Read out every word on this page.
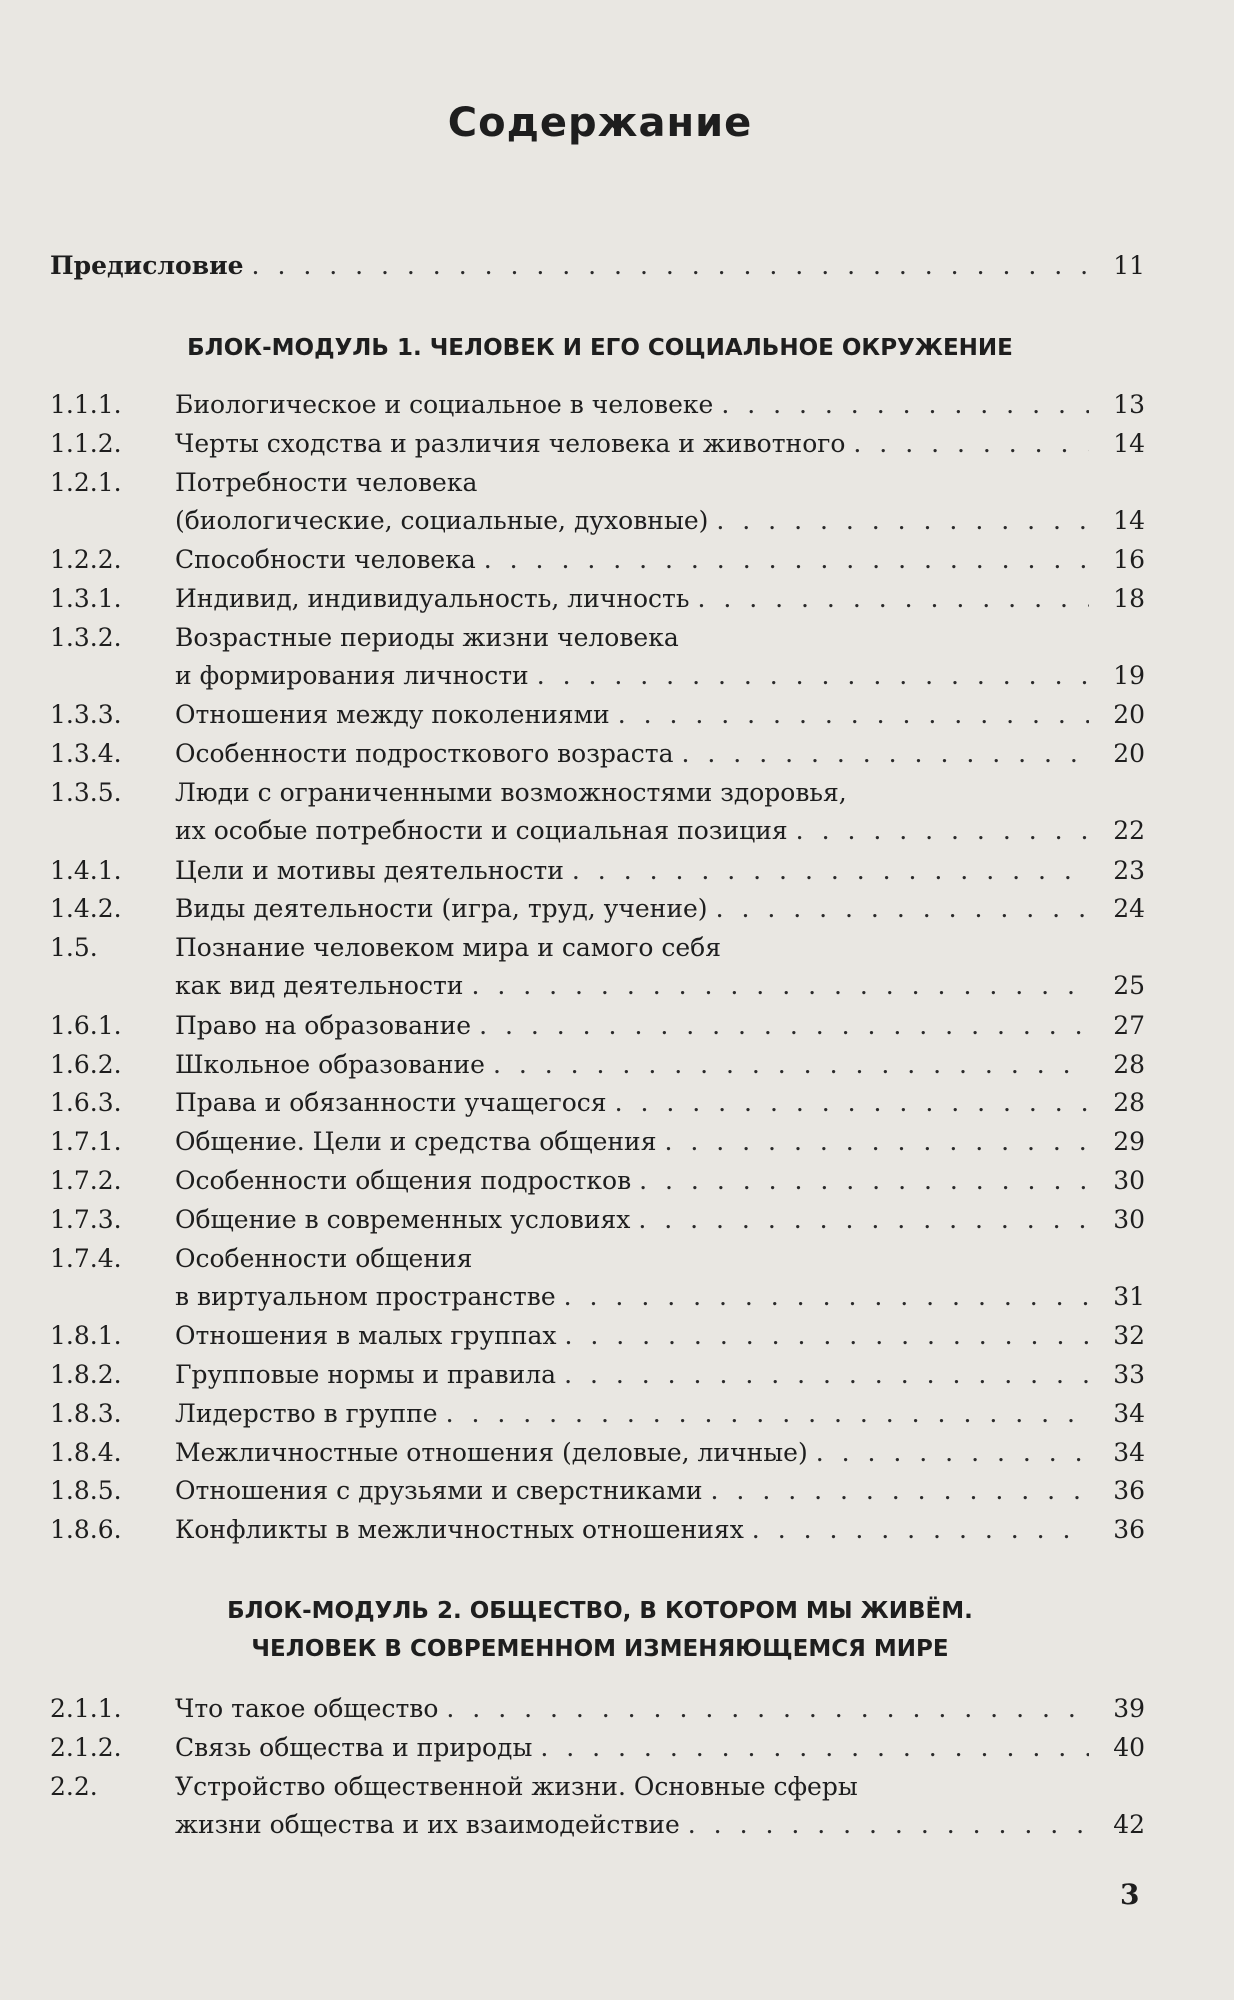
Содержание
Предисловие . . .	11
БЛОК-МОДУЛЬ 1. ЧЕЛОВЕК И ЕГО СОЦИАЛЬНОЕ ОКРУЖЕНИЕ
1.1.1.	Биологическое и социальное в человеке . . .	13
1.1.2.	Черты сходства и различия человека и животного . . .	14
1.2.1.	Потребности человека
(биологические, социальные, духовные) . . .	14
1.2.2.	Способности человека . . .	16
1.3.1.	Индивид, индивидуальность, личность . . .	18
1.3.2.	Возрастные периоды жизни человека
и формирования личности . . .	19
1.3.3.	Отношения между поколениями . . .	20
1.3.4.	Особенности подросткового возраста . . .	20
1.3.5.	Люди с ограниченными возможностями здоровья,
их особые потребности и социальная позиция . . .	22
1.4.1.	Цели и мотивы деятельности . . .	23
1.4.2.	Виды деятельности (игра, труд, учение) . . .	24
1.5.	Познание человеком мира и самого себя
как вид деятельности . . .	25
1.6.1.	Право на образование . . .	27
1.6.2.	Школьное образование . . .	28
1.6.3.	Права и обязанности учащегося . . .	28
1.7.1.	Общение. Цели и средства общения . . .	29
1.7.2.	Особенности общения подростков . . .	30
1.7.3.	Общение в современных условиях . . .	30
1.7.4.	Особенности общения
в виртуальном пространстве . . .	31
1.8.1.	Отношения в малых группах . . .	32
1.8.2.	Групповые нормы и правила . . .	33
1.8.3.	Лидерство в группе . . .	34
1.8.4.	Межличностные отношения (деловые, личные) . . .	34
1.8.5.	Отношения с друзьями и сверстниками . . .	36
1.8.6.	Конфликты в межличностных отношениях . . .	36
БЛОК-МОДУЛЬ 2. ОБЩЕСТВО, В КОТОРОМ МЫ ЖИВЁМ.
ЧЕЛОВЕК В СОВРЕМЕННОМ ИЗМЕНЯЮЩЕМСЯ МИРЕ
2.1.1.	Что такое общество . . .	39
2.1.2.	Связь общества и природы . . .	40
2.2.	Устройство общественной жизни. Основные сферы
жизни общества и их взаимодействие . . .	42
3
